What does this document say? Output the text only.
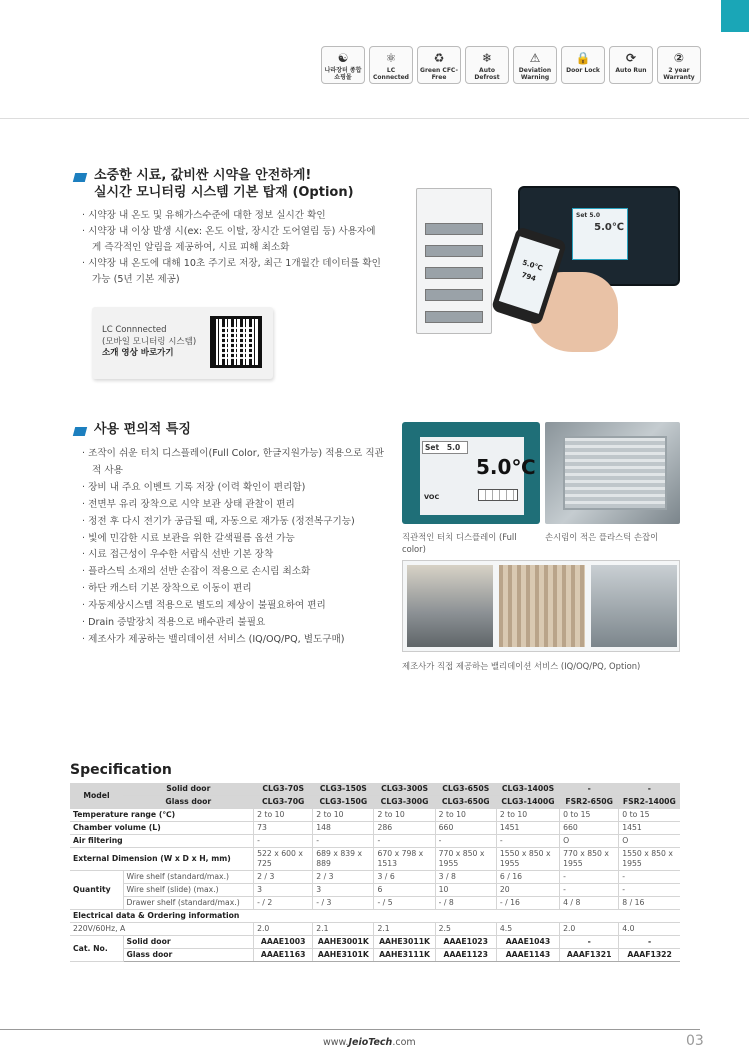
☯
나라장터 종합쇼핑몰
⚛
LC Connected
♻
Green CFC-Free
❄
Auto Defrost
⚠
Deviation Warning
🔒
Door Lock
⟳
Auto Run
②
2 year Warranty
소중한 시료, 값비싼 시약을 안전하게!
실시간 모니터링 시스템 기본 탑재 (Option)
· 시약장 내 온도 및 유해가스수준에 대한 정보 실시간 확인
· 시약장 내 이상 발생 시(ex: 온도 이탈, 장시간 도어열림 등) 사용자에게 즉각적인 알림을 제공하여, 시료 피해 최소화
· 시약장 내 온도에 대해 10초 주기로 저장, 최근 1개월간 데이터를 확인 가능 (5년 기본 제공)
LC Connnected
(모바일 모니터링 시스템)
소개 영상 바로가기
Set 5.0
5.0℃
5.0℃
794
사용 편의적 특징
· 조작이 쉬운 터치 디스플레이(Full Color, 한글지원가능) 적용으로 직관적 사용
· 장비 내 주요 이벤트 기록 저장 (이력 확인이 편리함)
· 전면부 유리 장착으로 시약 보관 상태 관찰이 편리
· 정전 후 다시 전기가 공급될 때, 자동으로 재가동 (정전복구기능)
· 빛에 민감한 시료 보관을 위한 갈색필름 옵션 가능
· 시료 접근성이 우수한 서랍식 선반 기본 장착
· 플라스틱 소재의 선반 손잡이 적용으로 손시림 최소화
· 하단 캐스터 기본 장착으로 이동이 편리
· 자동제상시스템 적용으로 별도의 제상이 불필요하여 편리
· Drain 증발장치 적용으로 배수관리 불필요
· 제조사가 제공하는 밸리데이션 서비스 (IQ/OQ/PQ, 별도구매)
Set 5.0
5.0℃
VOC
직관적인 터치 디스플레이 (Full color)
손시림이 적은 플라스틱 손잡이
제조사가 직접 제공하는 밸리데이션 서비스 (IQ/OQ/PQ, Option)
Specification
Model	Solid door	CLG3-70S	CLG3-150S	CLG3-300S	CLG3-650S	CLG3-1400S	-	-
	Glass door	CLG3-70G	CLG3-150G	CLG3-300G	CLG3-650G	CLG3-1400G	FSR2-650G	FSR2-1400G
Temperature range (℃)		2 to 10	2 to 10	2 to 10	2 to 10	2 to 10	0 to 15	0 to 15
Chamber volume (L)		73	148	286	660	1451	660	1451
Air filtering		-	-	-	-	-	O	O
External Dimension (W x D x H, mm)		522 x 600 x 725	689 x 839 x 889	670 x 798 x 1513	770 x 850 x 1955	1550 x 850 x 1955	770 x 850 x 1955	1550 x 850 x 1955
Quantity	Wire shelf (standard/max.)	2 / 3	2 / 3	3 / 6	3 / 8	6 / 16	-	-
	Wire shelf (slide) (max.)	3	3	6	10	20	-	-
	Drawer shelf (standard/max.)	- / 2	- / 3	- / 5	- / 8	- / 16	4 / 8	8 / 16
Electrical data & Ordering information								
220V/60Hz, A		2.0	2.1	2.1	2.5	4.5	2.0	4.0
Cat. No.	Solid door	AAAE1003	AAHE3001K	AAHE3011K	AAAE1023	AAAE1043	-	-
	Glass door	AAAE1163	AAHE3101K	AAHE3111K	AAAE1123	AAAE1143	AAAF1321	AAAF1322
www.JeioTech.com	03
